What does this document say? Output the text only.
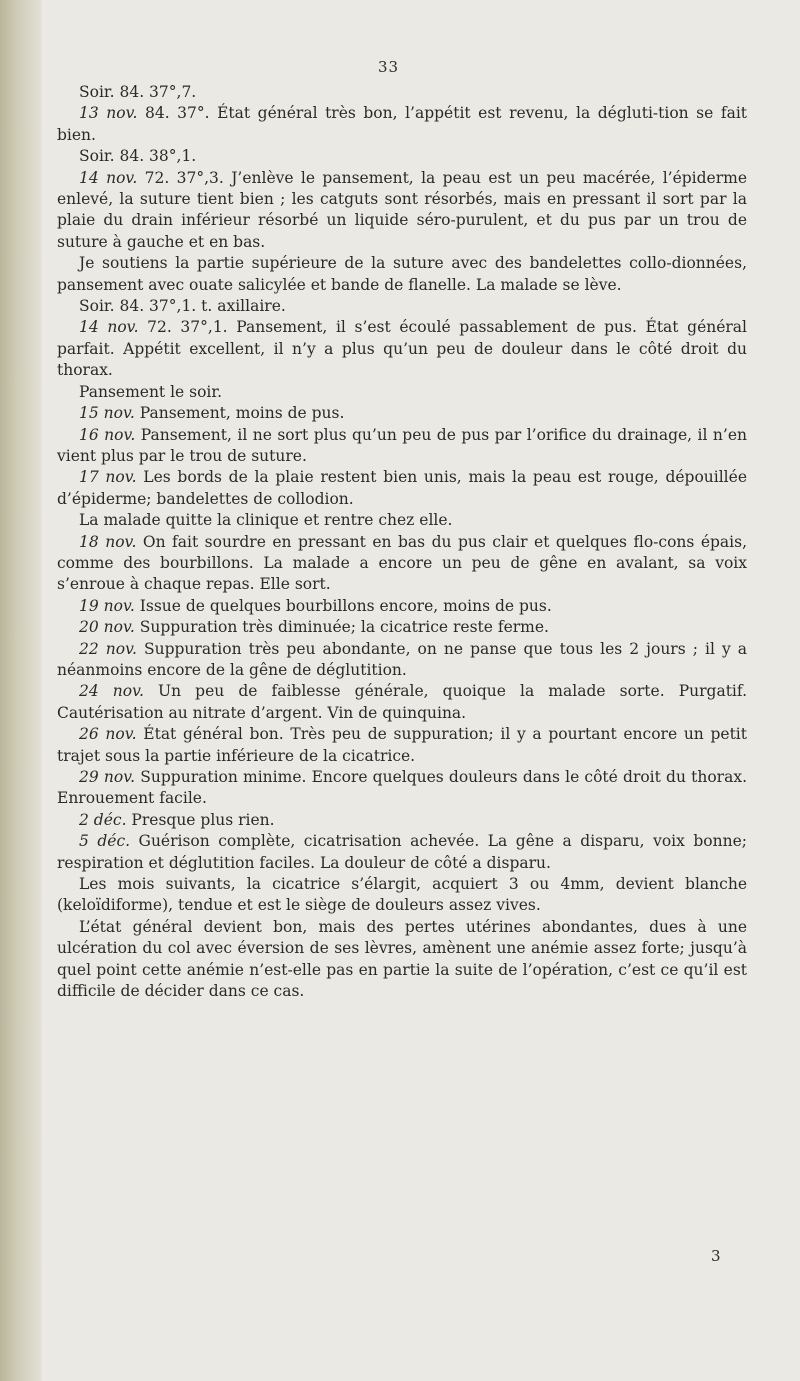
33

Soir. 84. 37°,7.

13 nov. 84. 37°. État général très bon, l’appétit est revenu, la dégluti-tion se fait bien.

Soir. 84. 38°,1.

14 nov. 72. 37°,3. J’enlève le pansement, la peau est un peu macérée, l’épiderme enlevé, la suture tient bien ; les catguts sont résorbés, mais en pressant il sort par la plaie du drain inférieur résorbé un liquide séro-purulent, et du pus par un trou de suture à gauche et en bas.

Je soutiens la partie supérieure de la suture avec des bandelettes collo-dionnées, pansement avec ouate salicylée et bande de flanelle. La malade se lève.

Soir. 84. 37°,1. t. axillaire.

14 nov. 72. 37°,1. Pansement, il s’est écoulé passablement de pus. État général parfait. Appétit excellent, il n’y a plus qu’un peu de douleur dans le côté droit du thorax.

Pansement le soir.

15 nov. Pansement, moins de pus.

16 nov. Pansement, il ne sort plus qu’un peu de pus par l’orifice du drainage, il n’en vient plus par le trou de suture.

17 nov. Les bords de la plaie restent bien unis, mais la peau est rouge, dépouillée d’épiderme; bandelettes de collodion.

La malade quitte la clinique et rentre chez elle.

18 nov. On fait sourdre en pressant en bas du pus clair et quelques flo-cons épais, comme des bourbillons. La malade a encore un peu de gêne en avalant, sa voix s’enroue à chaque repas. Elle sort.

19 nov. Issue de quelques bourbillons encore, moins de pus.

20 nov. Suppuration très diminuée; la cicatrice reste ferme.

22 nov. Suppuration très peu abondante, on ne panse que tous les 2 jours ; il y a néanmoins encore de la gêne de déglutition.

24 nov. Un peu de faiblesse générale, quoique la malade sorte. Purgatif. Cautérisation au nitrate d’argent. Vin de quinquina.

26 nov. État général bon. Très peu de suppuration; il y a pourtant encore un petit trajet sous la partie inférieure de la cicatrice.

29 nov. Suppuration minime. Encore quelques douleurs dans le côté droit du thorax. Enrouement facile.

2 déc. Presque plus rien.

5 déc. Guérison complète, cicatrisation achevée. La gêne a disparu, voix bonne; respiration et déglutition faciles. La douleur de côté a disparu.

Les mois suivants, la cicatrice s’élargit, acquiert 3 ou 4mm, devient blanche (keloïdiforme), tendue et est le siège de douleurs assez vives.

L’état général devient bon, mais des pertes utérines abondantes, dues à une ulcération du col avec éversion de ses lèvres, amènent une anémie assez forte; jusqu’à quel point cette anémie n’est-elle pas en partie la suite de l’opération, c’est ce qu’il est difficile de décider dans ce cas.

3
